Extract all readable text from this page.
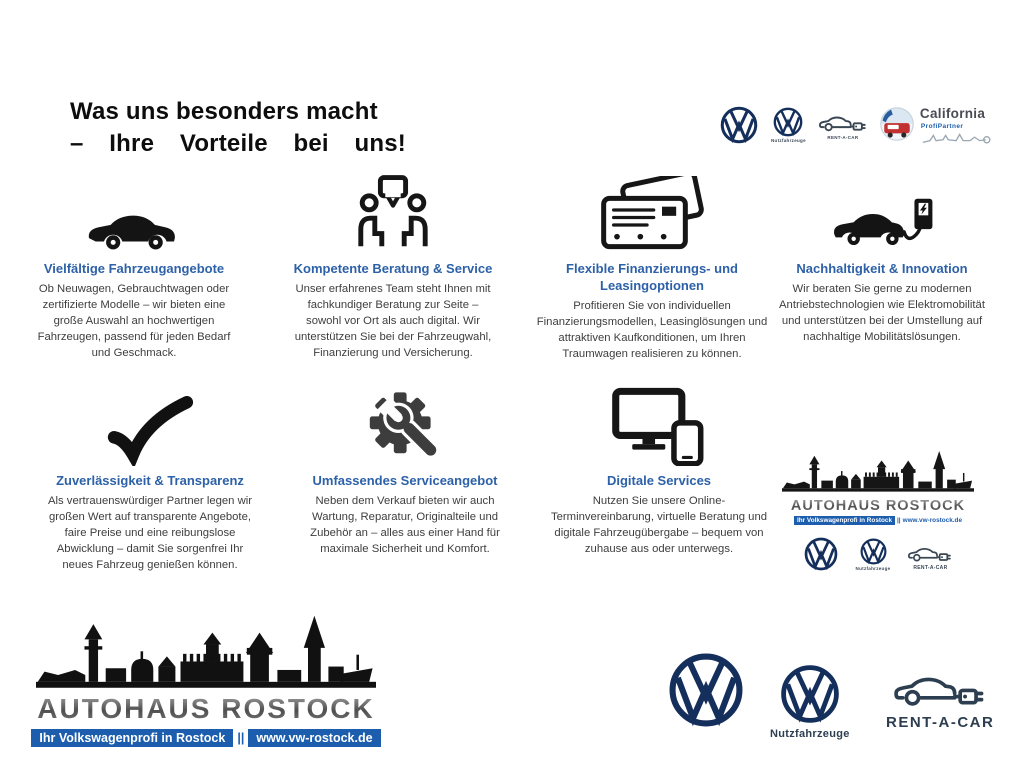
Was uns besonders macht
– Ihre Vorteile bei uns!	Nutzfahrzeuge
RENT-A-CAR
California
ProfiPartner
Vielfältige Fahrzeugangebote

Ob Neuwagen, Gebrauchtwagen oder zertifizierte Modelle – wir bieten eine große Auswahl an hochwertigen Fahrzeugen, passend für jeden Bedarf und Geschmack.

Kompetente Beratung & Service

Unser erfahrenes Team steht Ihnen mit fachkundiger Beratung zur Seite – sowohl vor Ort als auch digital. Wir unterstützen Sie bei der Fahrzeugwahl, Finanzierung und Versicherung.

Flexible Finanzierungs- und Leasingoptionen

Profitieren Sie von individuellen Finanzierungsmodellen, Leasinglösungen und attraktiven Kaufkonditionen, um Ihren Traumwagen realisieren zu können.

Nachhaltigkeit & Innovation

Wir beraten Sie gerne zu modernen Antriebstechnologien wie Elektromobilität und unterstützen bei der Umstellung auf nachhaltige Mobilitätslösungen.

Zuverlässigkeit & Transparenz

Als vertrauenswürdiger Partner legen wir großen Wert auf transparente Angebote, faire Preise und eine reibungslose Abwicklung – damit Sie sorgenfrei Ihr neues Fahrzeug genießen können.

Umfassendes Serviceangebot

Neben dem Verkauf bieten wir auch Wartung, Reparatur, Originalteile und Zubehör an – alles aus einer Hand für maximale Sicherheit und Komfort.

Digitale Services

Nutzen Sie unsere Online-Terminvereinbarung, virtuelle Beratung und digitale Fahrzeugübergabe – bequem von zuhause aus oder unterwegs.

AUTOHAUS ROSTOCK
Ihr Volkswagenprofi in Rostock || www.vw-rostock.de
Nutzfahrzeuge	RENT-A-CAR
AUTOHAUS ROSTOCK
Ihr Volkswagenprofi in Rostock || www.vw-rostock.de	Nutzfahrzeuge
RENT-A-CAR
